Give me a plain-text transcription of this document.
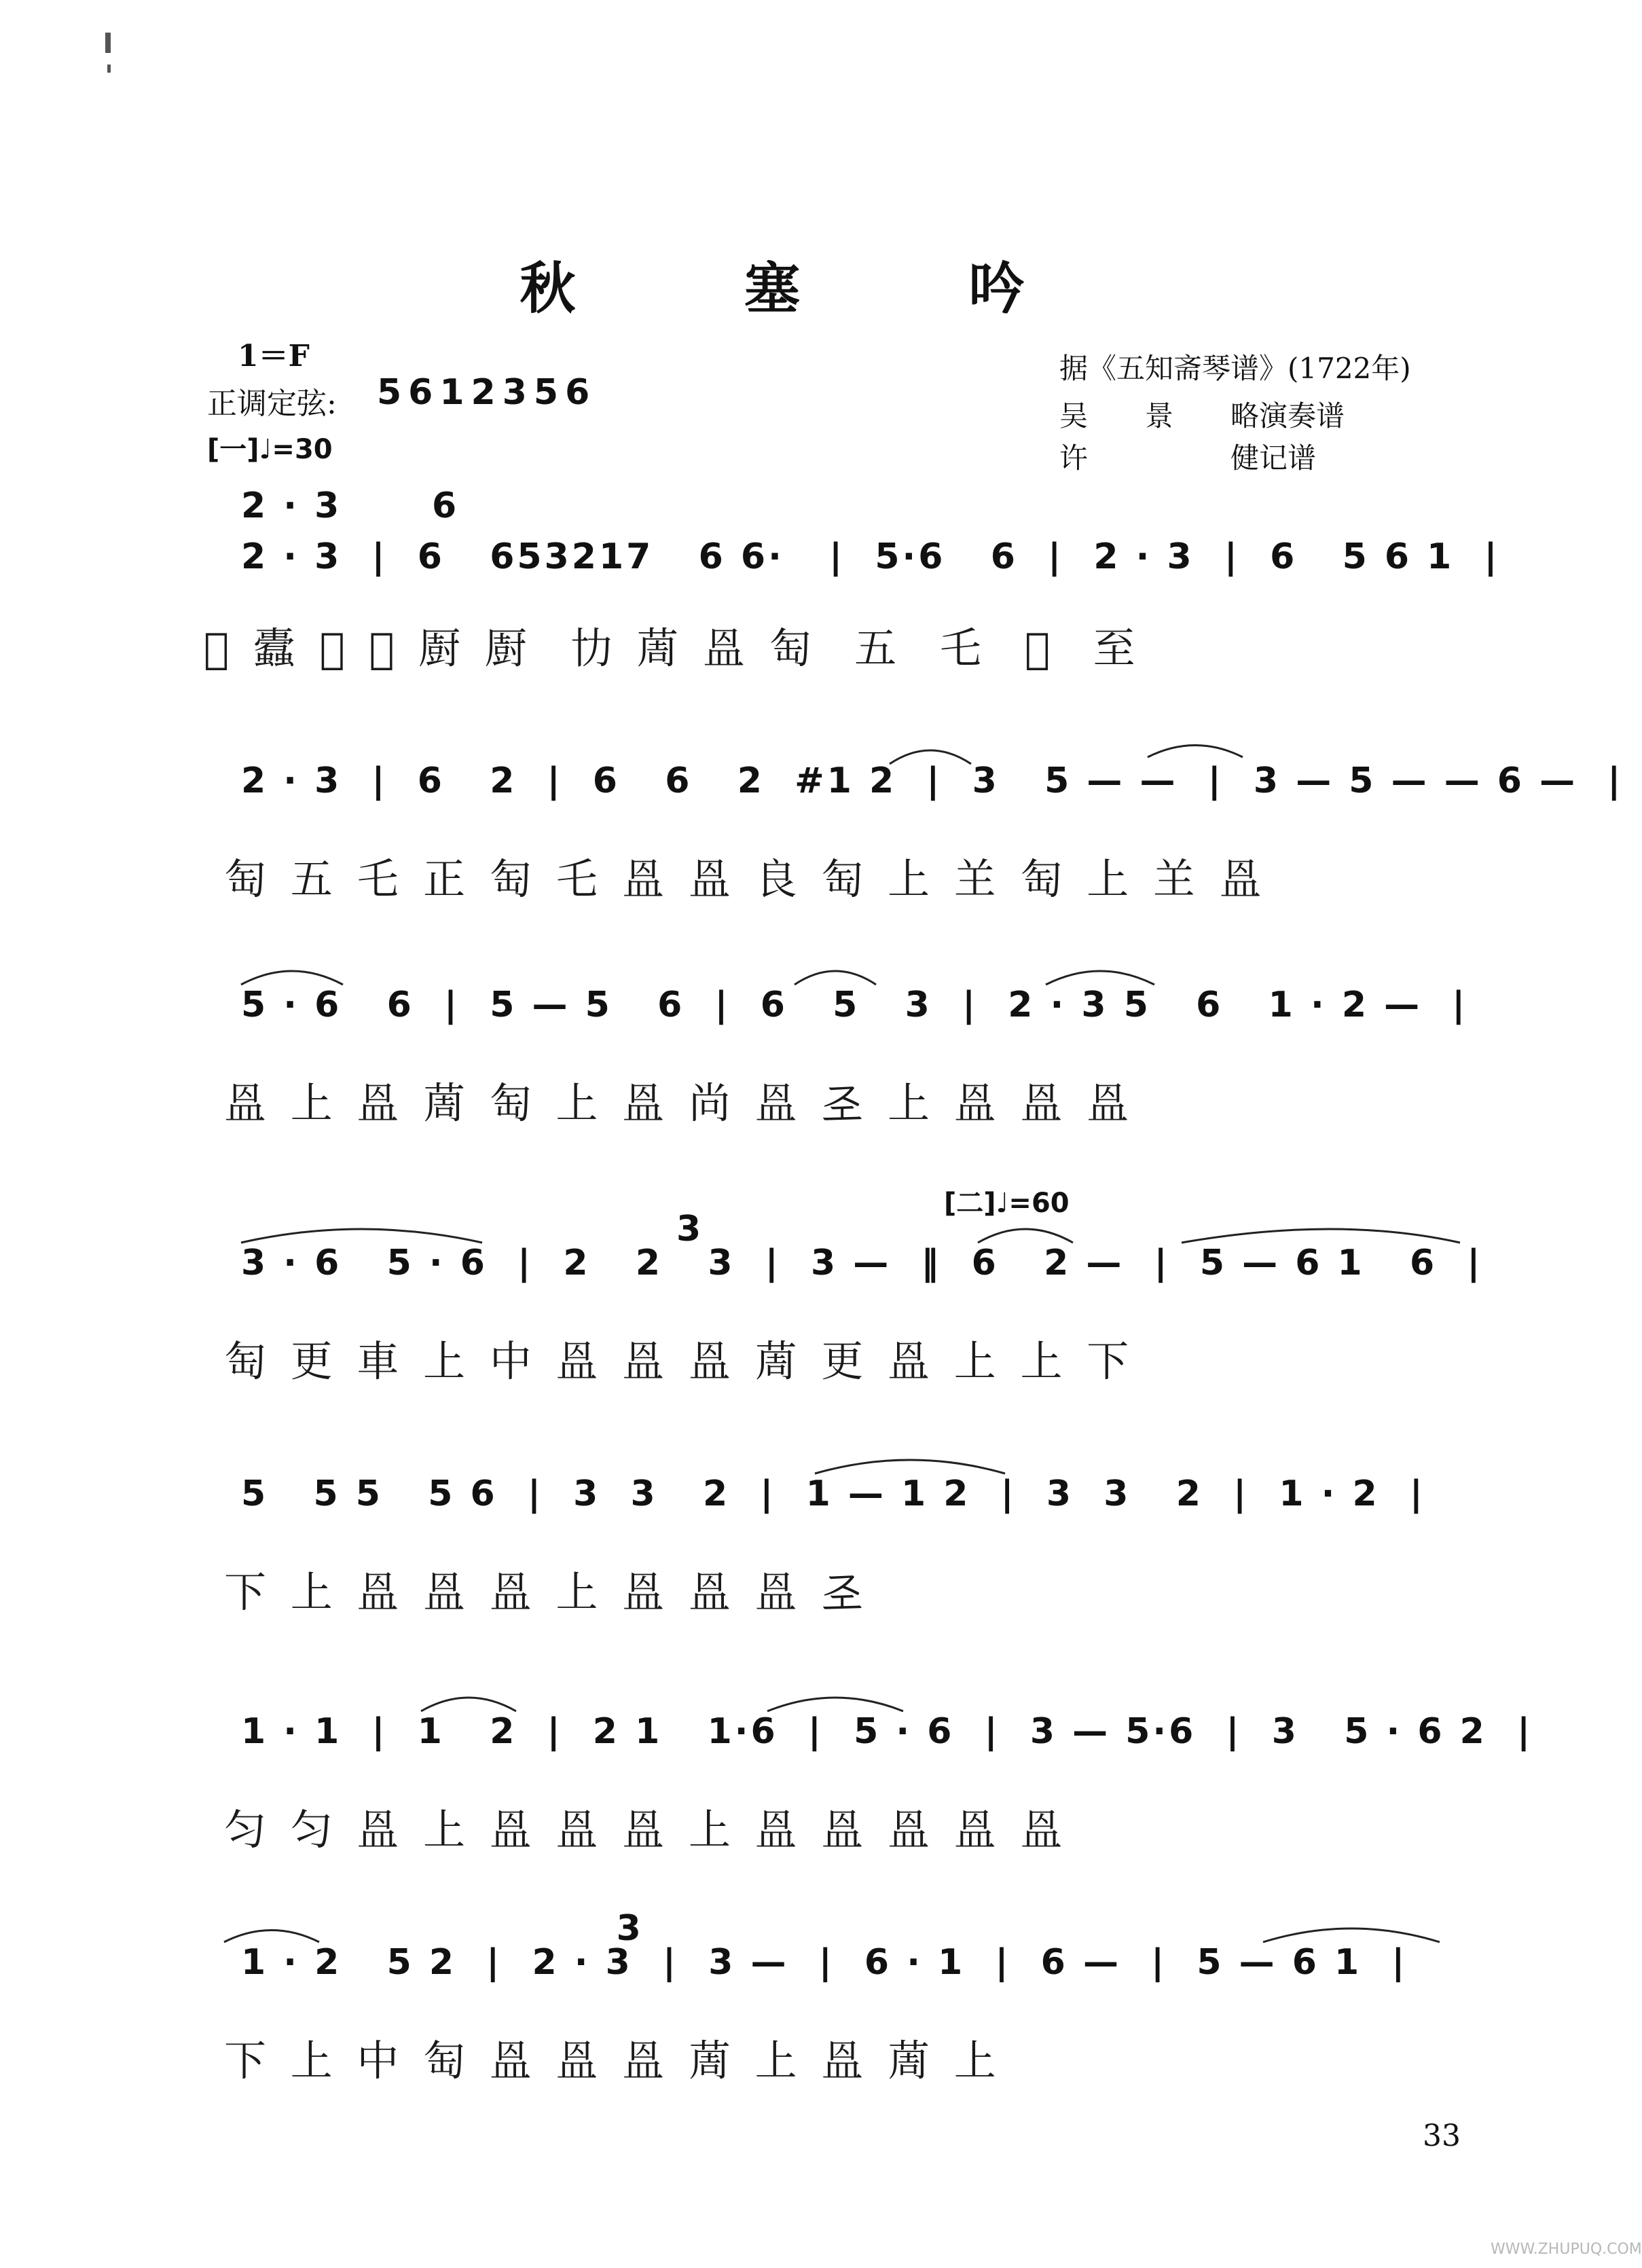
秋 塞 吟
1＝F
正调定弦: 5612356
[一]♩=30
据《五知斋琴谱》(1722年)
吴　　景　　略演奏谱
许　　　　　健记谱
2 · 3      6
2 · 3  |  6   653217   6 6·   |  5·6   6  |  2 · 3  |  6   5 6 1  |
𝄞 蠹 𪛉 𪛉 㕑 㕑  㔹 䓟 𥁕 匋  五  乇  𡿧  至
2 · 3  |  6   2  |  6   6   2  #1 2  |  3   5 — —  |  3 — 5 — — 6 —  |
匋 五 乇 正 匋 乇 𥁕 𥁕 良 匋 上 𦍌 匋 上 𦍌 𥁕
5 · 6   6  |  5 — 5   6  |  6   5   3  |  2 · 3 5   6   1 · 2 —  |
𥁕 上 𥁕 䓟 匋 上 𥁕 尚 𥁕 𢀖 上 𥁕 𥁕 𥁕
[二]♩=60
3
3 · 6   5 · 6  |  2   2   3  |  3 —  ‖  6   2 —  |  5 — 6 1   6  |
匋 更 車 上 中 𥁕 𥁕 𥁕 䓟 更 𥁕 上 上 下
5   5 5   5 6  |  3  3   2  |  1 — 1 2  |  3  3   2  |  1 · 2  |
下 上 𥁕 𥁕 𥁕 上 𥁕 𥁕 𥁕 𢀖
1 · 1  |  1   2  |  2 1   1·6  |  5 · 6  |  3 — 5·6  |  3   5 · 6 2  |
匀 匀 𥁕 上 𥁕 𥁕 𥁕 上 𥁕 𥁕 𥁕 𥁕 𥁕
3
1 · 2   5 2  |  2 · 3  |  3 —  |  6 · 1  |  6 —  |  5 — 6 1  |
下 上 中 匋 𥁕 𥁕 𥁕 䓟 上 𥁕 䓟 上
33
WWW.ZHUPUQ.COM
